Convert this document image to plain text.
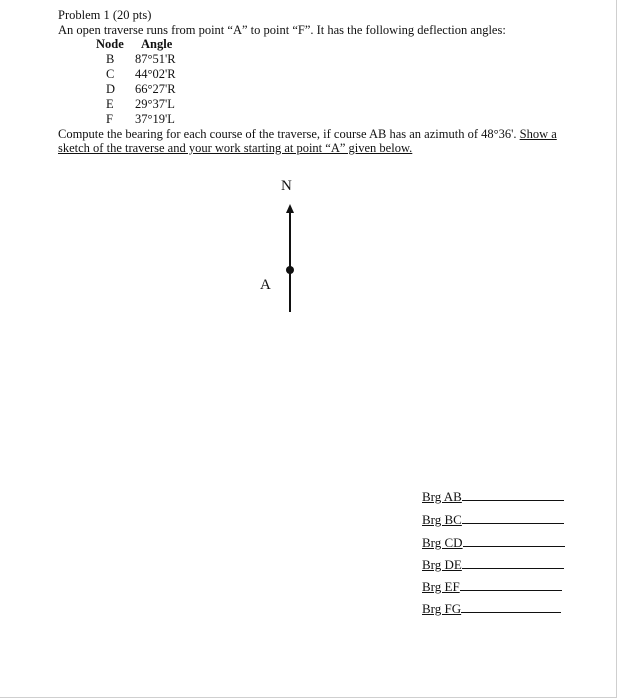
Problem 1 (20 pts)
An open traverse runs from point “A” to point “F”. It has the following deflection angles:
Node Angle
B 87°51'R
C 44°02'R
D 66°27'R
E 29°37'L
F 37°19'L
Compute the bearing for each course of the traverse, if course AB has an azimuth of 48°36'. Show a
sketch of the traverse and your work starting at point “A” given below.
N
A
Brg AB
Brg BC
Brg CD
Brg DE
Brg EF
Brg FG
